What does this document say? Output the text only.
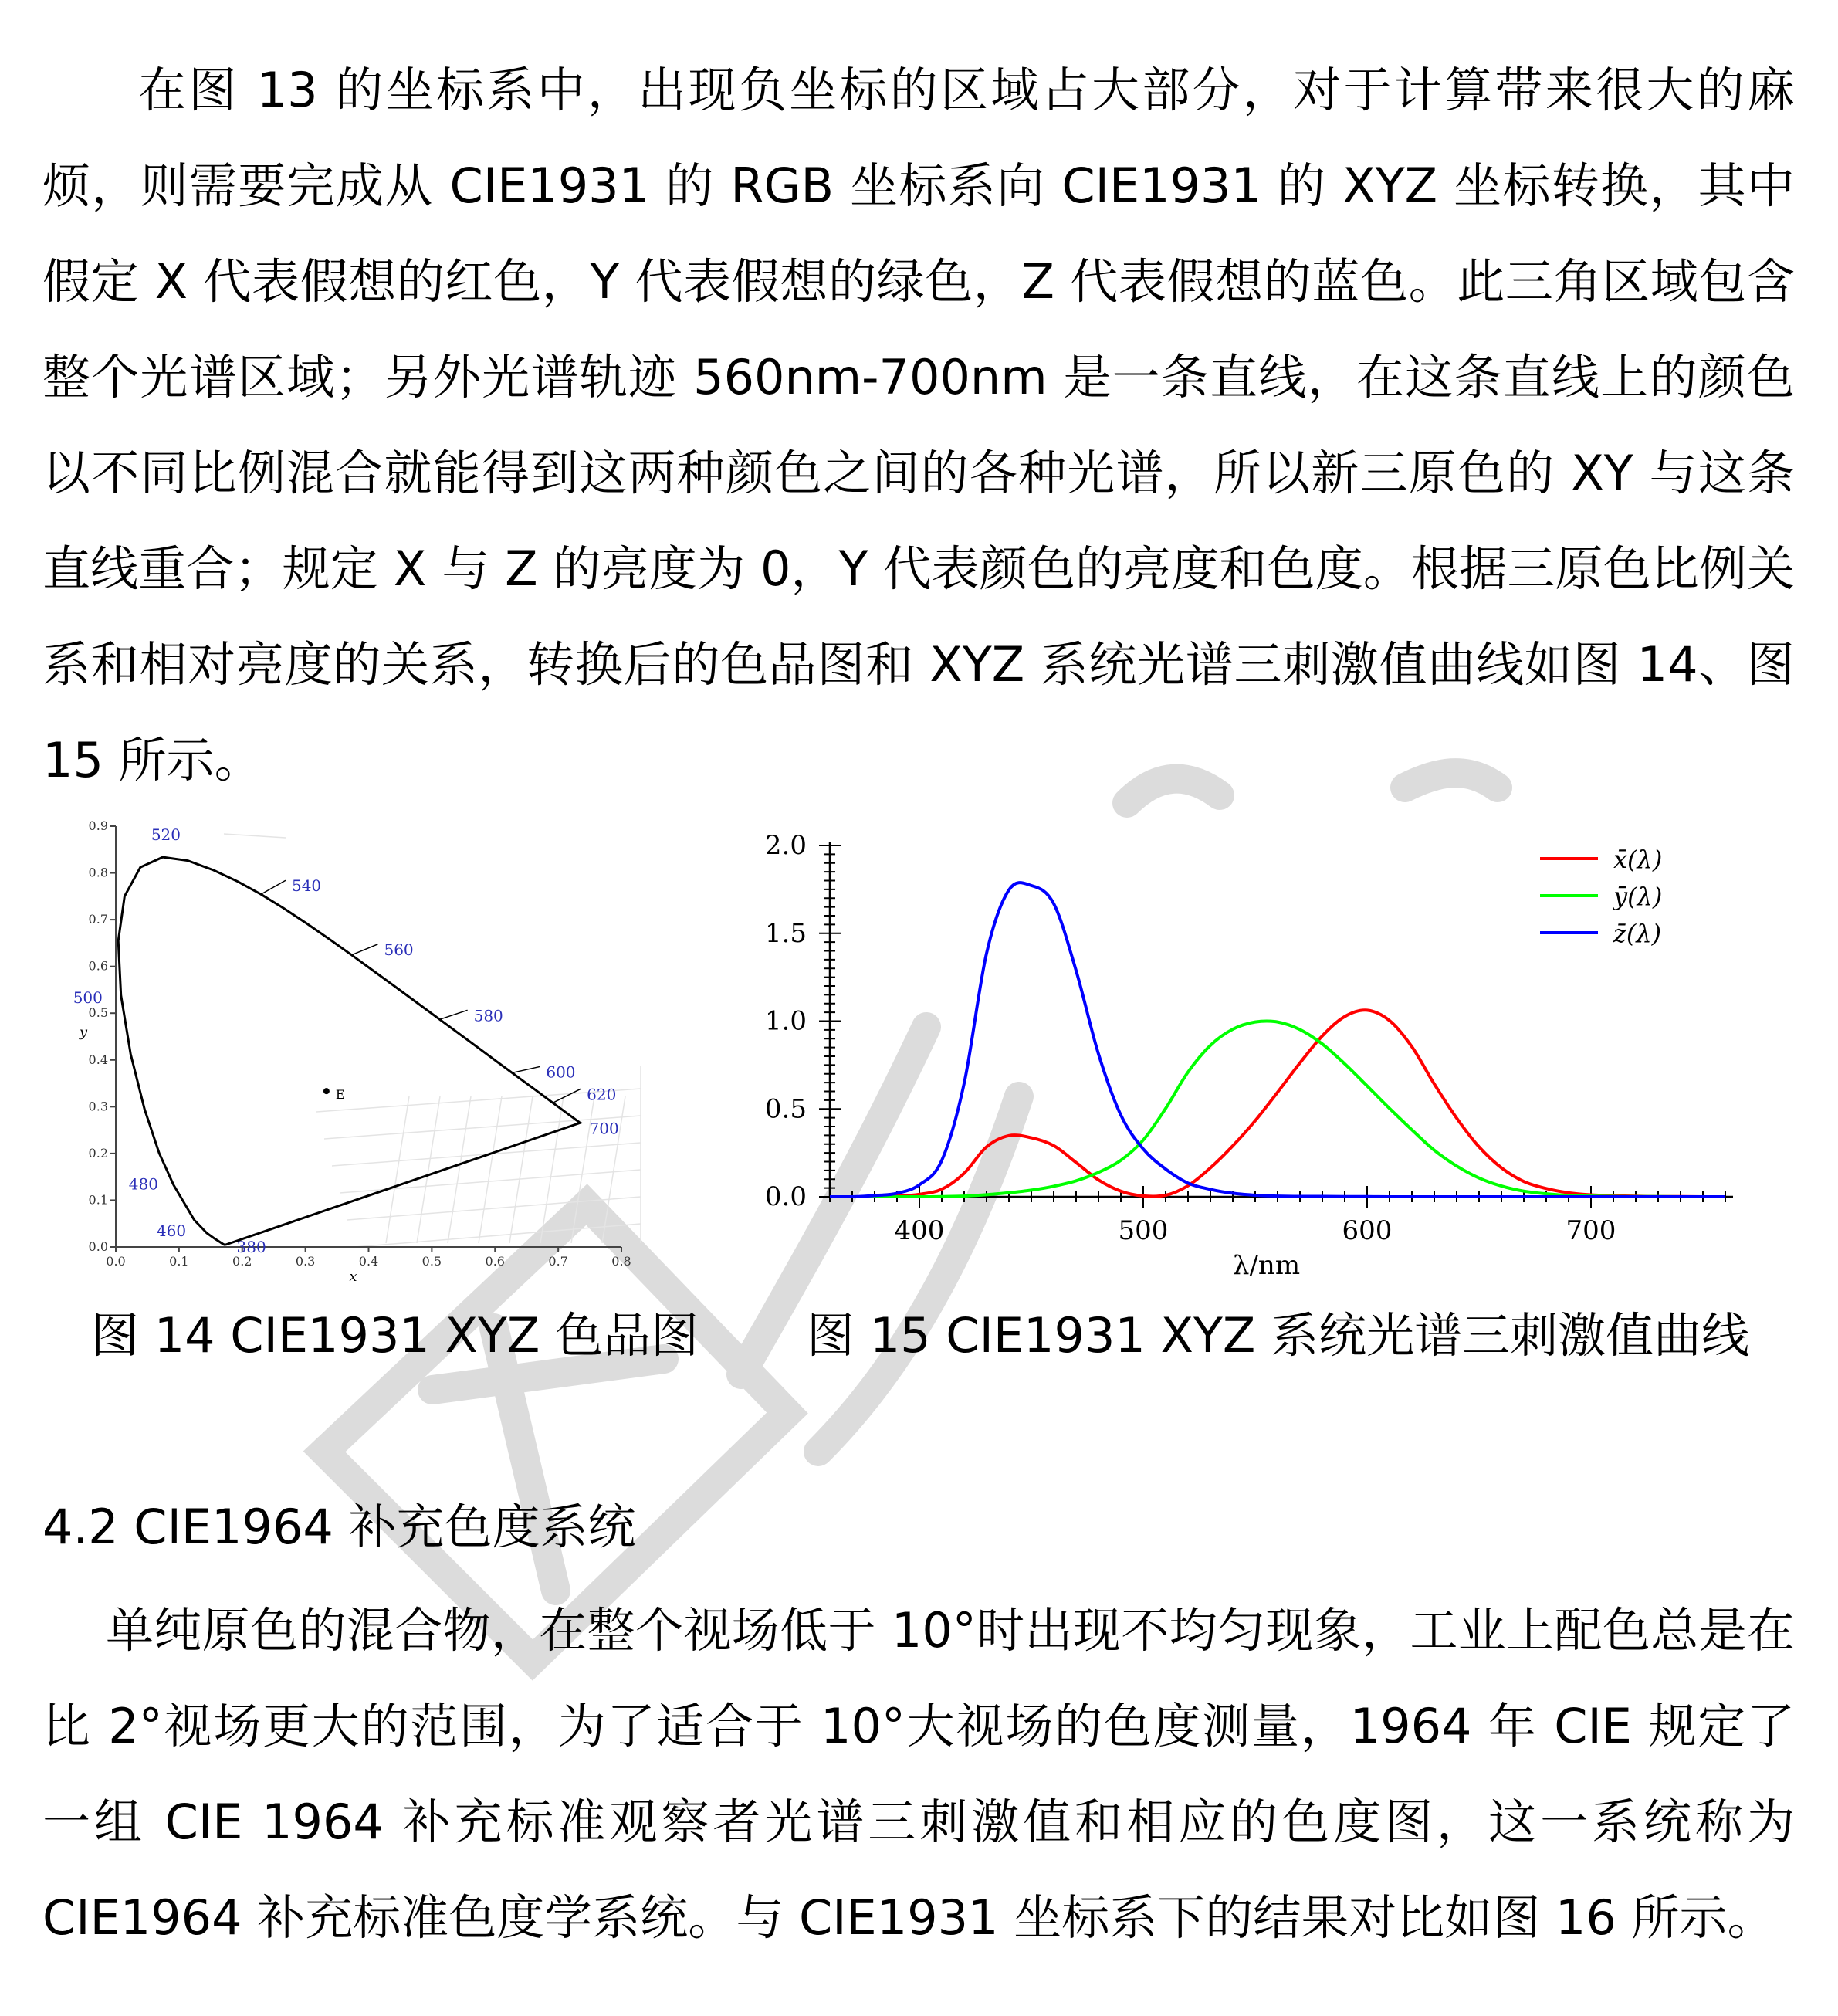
在图 13 的坐标系中，出现负坐标的区域占大部分，对于计算带来很大的麻烦，则需要完成从 CIE1931 的 RGB 坐标系向 CIE1931 的 XYZ 坐标转换，其中假定 X 代表假想的红色，Y 代表假想的绿色，Z 代表假想的蓝色。此三角区域包含整个光谱区域；另外光谱轨迹 560nm-700nm 是一条直线，在这条直线上的颜色以不同比例混合就能得到这两种颜色之间的各种光谱，所以新三原色的 XY 与这条直线重合；规定 X 与 Z 的亮度为 0，Y 代表颜色的亮度和色度。根据三原色比例关系和相对亮度的关系，转换后的色品图和 XYZ 系统光谱三刺激值曲线如图 14、图 15 所示。
0.0	0.1	0.2	0.3	0.4	0.5	0.6	0.7	0.8
0.0
0.1
0.2
0.3
0.4
0.5
0.6
0.7
0.8
0.9	520
540
560
580
600
620
700
500
480
460
380
E
x
y
400	500	600	700
0.0
0.5
1.0
1.5
2.0	x̄(λ)
ȳ(λ)
z̄(λ)
λ/nm
图 14 CIE1931 XYZ 色品图 图 15 CIE1931 XYZ 系统光谱三刺激值曲线
4.2 CIE1964 补充色度系统
单纯原色的混合物，在整个视场低于 10°时出现不均匀现象，工业上配色总是在比 2°视场更大的范围，为了适合于 10°大视场的色度测量，1964 年 CIE 规定了一组 CIE 1964 补充标准观察者光谱三刺激值和相应的色度图，这一系统称为 CIE1964 补充标准色度学系统。与 CIE1931 坐标系下的结果对比如图 16 所示。
